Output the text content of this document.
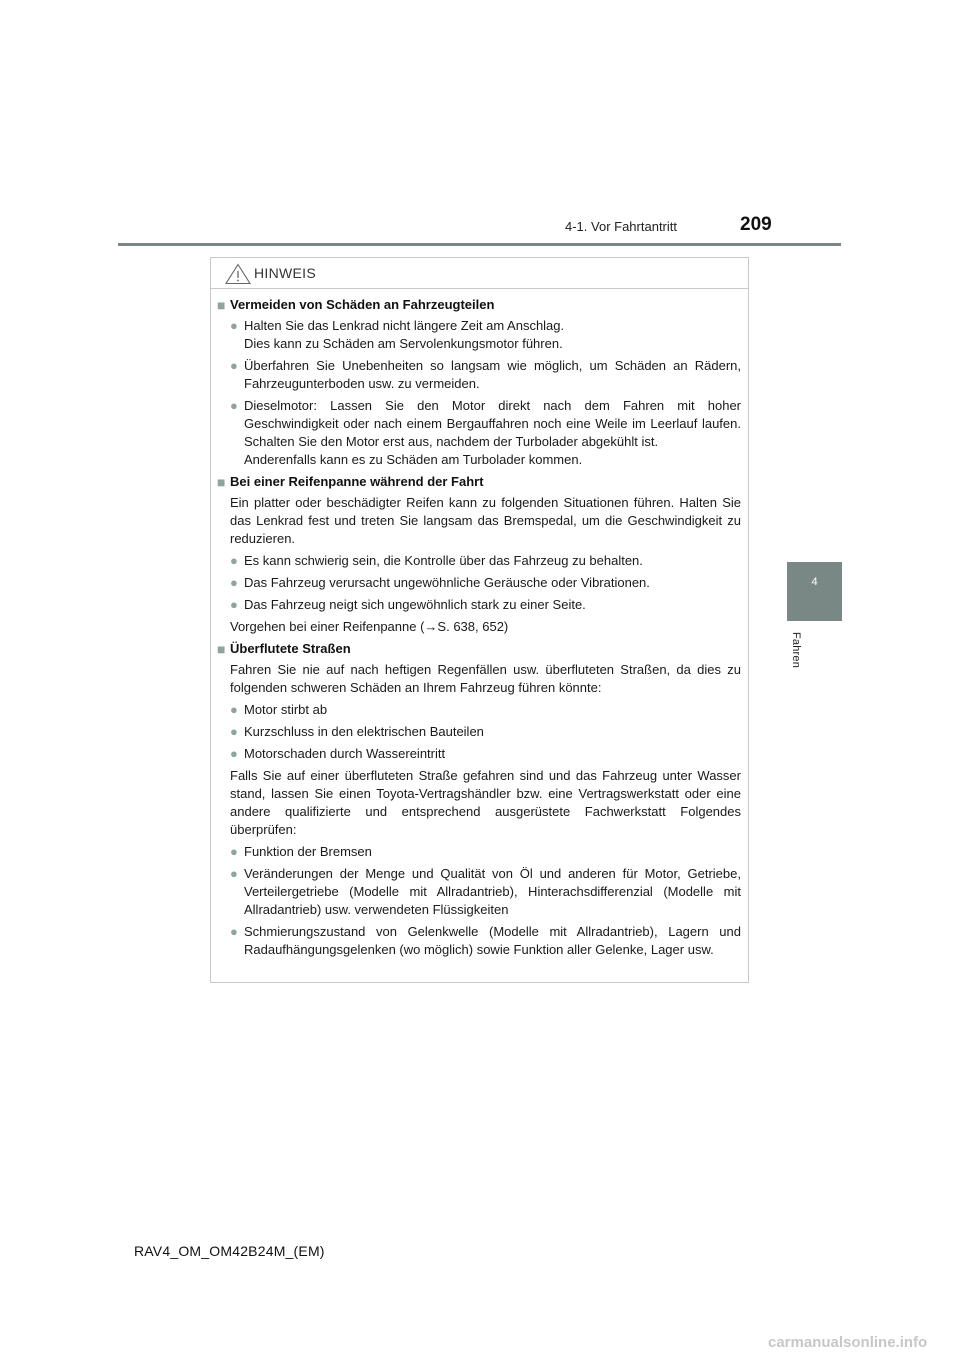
4-1. Vor Fahrtantritt	209
4
Fahren
HINWEIS
■ Vermeiden von Schäden an Fahrzeugteilen
● Halten Sie das Lenkrad nicht längere Zeit am Anschlag.
Dies kann zu Schäden am Servolenkungsmotor führen.
● Überfahren Sie Unebenheiten so langsam wie möglich, um Schäden an Rädern, Fahrzeugunterboden usw. zu vermeiden.
● Dieselmotor: Lassen Sie den Motor direkt nach dem Fahren mit hoher Geschwindigkeit oder nach einem Bergauffahren noch eine Weile im Leerlauf laufen. Schalten Sie den Motor erst aus, nachdem der Turbolader abgekühlt ist.
Anderenfalls kann es zu Schäden am Turbolader kommen.
■ Bei einer Reifenpanne während der Fahrt
Ein platter oder beschädigter Reifen kann zu folgenden Situationen führen. Halten Sie das Lenkrad fest und treten Sie langsam das Bremspedal, um die Geschwindigkeit zu reduzieren.
● Es kann schwierig sein, die Kontrolle über das Fahrzeug zu behalten.
● Das Fahrzeug verursacht ungewöhnliche Geräusche oder Vibrationen.
● Das Fahrzeug neigt sich ungewöhnlich stark zu einer Seite.
Vorgehen bei einer Reifenpanne (→S. 638, 652)
■ Überflutete Straßen
Fahren Sie nie auf nach heftigen Regenfällen usw. überfluteten Straßen, da dies zu folgenden schweren Schäden an Ihrem Fahrzeug führen könnte:
● Motor stirbt ab
● Kurzschluss in den elektrischen Bauteilen
● Motorschaden durch Wassereintritt
Falls Sie auf einer überfluteten Straße gefahren sind und das Fahrzeug unter Wasser stand, lassen Sie einen Toyota-Vertragshändler bzw. eine Vertragswerkstatt oder eine andere qualifizierte und entsprechend ausgerüstete Fachwerkstatt Folgendes überprüfen:
● Funktion der Bremsen
● Veränderungen der Menge und Qualität von Öl und anderen für Motor, Getriebe, Verteilergetriebe (Modelle mit Allradantrieb), Hinterachsdifferenzial (Modelle mit Allradantrieb) usw. verwendeten Flüssigkeiten
● Schmierungszustand von Gelenkwelle (Modelle mit Allradantrieb), Lagern und Radaufhängungsgelenken (wo möglich) sowie Funktion aller Gelenke, Lager usw.
RAV4_OM_OM42B24M_(EM)
carmanualsonline.info
